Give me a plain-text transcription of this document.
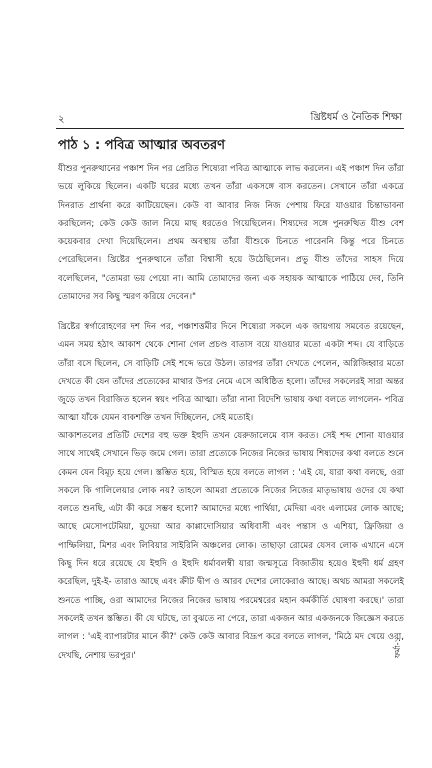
২	খ্রিষ্টধর্ম ও নৈতিক শিক্ষা
পাঠ ১ : পবিত্র আত্মার অবতরণ

যীশুর পুনরুত্থানের পঞ্চাশ দিন পর প্রেরিত শিষ্যেরা পবিত্র আত্মাকে লাভ করলেন। এই পঞ্চাশ দিন তাঁরা ভয়ে লুকিয়ে ছিলেন। একটি ঘরের মধ্যে তখন তাঁরা একসঙ্গে বাস করতেন। সেখানে তাঁরা একত্রে দিনরাত প্রার্থনা করে কাটিয়েছেন। কেউ বা আবার নিজ নিজ পেশায় ফিরে যাওয়ার চিন্তাভাবনা করছিলেন; কেউ কেউ জাল নিয়ে মাছ ধরতেও গিয়েছিলেন। শিষ্যদের সঙ্গে পুনরুত্থিত যীশু বেশ কয়েকবার দেখা দিয়েছিলেন। প্রথম অবস্থায় তাঁরা যীশুকে চিনতে পারেননি কিন্তু পরে চিনতে পেরেছিলেন। খ্রিষ্টের পুনরুত্থানে তাঁরা বিশ্বাসী হয়ে উঠেছিলেন। প্রভু যীশু তাঁদের সাহস দিয়ে বলেছিলেন, "তোমরা ভয় পেয়ো না। আমি তোমাদের জন্য এক সহায়ক আত্মাকে পাঠিয়ে দেব, তিনি তোমাদের সব কিছু স্মরণ করিয়ে দেবেন।"

খ্রিষ্টের স্বর্গারোহণের দশ দিন পর, পঞ্চাশত্তমীর দিনে শিষ্যেরা সকলে এক জায়গায় সমবেত রয়েছেন, এমন সময় হঠাৎ আকাশ থেকে শোনা গেল প্রচণ্ড বাতাস বয়ে যাওয়ার মতো একটা শব্দ। যে বাড়িতে তাঁরা বসে ছিলেন, সে বাড়িটি সেই শব্দে ভরে উঠল। তারপর তাঁরা দেখতে পেলেন, অগ্নিজিহ্বার মতো দেখতে কী যেন তাঁদের প্রত্যেকের মাথার উপর নেমে এসে অধিষ্ঠিত হলো। তাঁদের সকলেরই সারা অন্তর জুড়ে তখন বিরাজিত হলেন স্বয়ং পবিত্র আত্মা। তাঁরা নানা বিদেশি ভাষায় কথা বলতে লাগলেন- পবিত্র আত্মা যাঁকে যেমন বাকশক্তি তখন দিচ্ছিলেন, সেই মতোই।

আকাশতলের প্রতিটি দেশের বহু ভক্ত ইহুদি তখন যেরুজালেমে বাস করত। সেই শব্দ শোনা যাওয়ার সাথে সাথেই সেখানে ভিড় জমে গেল। তারা প্রত্যেকে নিজের নিজের ভাষায় শিষ্যদের কথা বলতে শুনে কেমন যেন বিমূঢ় হয়ে গেল। স্তম্ভিত হয়ে, বিস্মিত হয়ে বলতে লাগল : 'এই যে, যারা কথা বলছে, ওরা সকলে কি গালিলেয়ার লোক নয়? তাহলে আমরা প্রত্যেকে নিজের নিজের মাতৃভাষায় ওদের যে কথা বলতে শুনছি, এটা কী করে সম্ভব হলো? আমাদের মধ্যে পার্থিয়া, মেদিয়া এবং এলামের লোক আছে; আছে মেসোপটেমিয়া, যুদেয়া আর কাপ্পাদোসিয়ার অধিবাসী এবং পন্তাস ও এশিয়া, ফ্রিজিয়া ও পাম্ফিলিয়া, মিশর এবং লিবিয়ার সাইরিনি অঞ্চলের লোক। তাছাড়া রোমের যেসব লোক এখানে এসে কিছু দিন ধরে রয়েছে যে ইহুদি ও ইহুদি ধর্মাবলম্বী যারা জন্মসূত্রে বিজাতীয় হয়েও ইহুদী ধর্ম গ্রহণ করেছিল, দুই-ই- তারাও আছে এবং ক্রীট দ্বীপ ও আরব দেশের লোকেরাও আছে। অথচ আমরা সকলেই শুনতে পাচ্ছি, ওরা আমাদের নিজের নিজের ভাষায় পরমেশ্বরের মহান কর্মকীর্তি ঘোষণা করছে।' তারা সকলেই তখন স্তম্ভিত। কী যে ঘটছে, তা বুঝতে না পেরে, তারা একজন আর একজনকে জিজ্ঞেস করতে লাগল : 'এই ব্যাপারটার মানে কী?' কেউ কেউ আবার বিদ্রূপ করে বলতে লাগল, 'মিঠে মদ খেয়ে ওরা, দেখছি, নেশায় ভরপুর।'	ফর্মা-১
